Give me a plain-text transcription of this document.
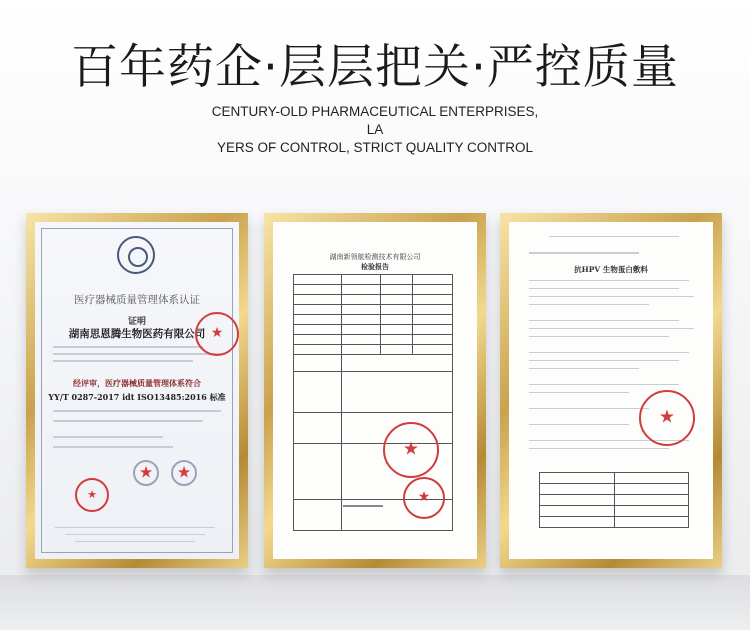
百年药企·层层把关·严控质量
CENTURY-OLD PHARMACEUTICAL ENTERPRISES, LA
YERS OF CONTROL, STRICT QUALITY CONTROL
医疗器械质量管理体系认证
证明
湖南思恩腾生物医药有限公司
★
经评审，医疗器械质量管理体系符合
YY/T 0287-2017 idt ISO13485:2016 标准
★
★
★
湖南新领航检测技术有限公司
检验报告

★
★	抗HPV 生物蛋白敷料
★
